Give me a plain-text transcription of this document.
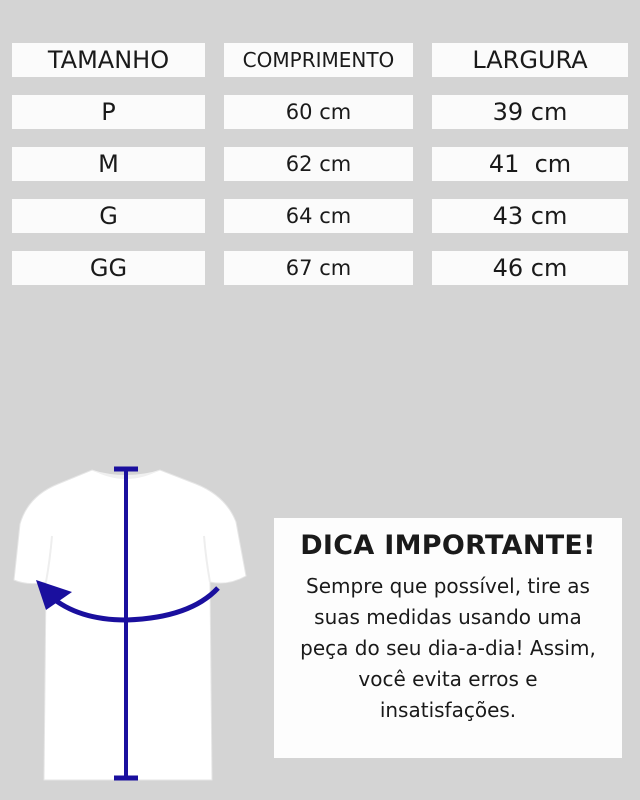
TAMANHO	COMPRIMENTO	LARGURA
P	60 cm	39 cm
M	62 cm	41  cm
G	64 cm	43 cm
GG	67 cm	46 cm
DICA IMPORTANTE!
Sempre que possível, tire as
suas medidas usando uma
peça do seu dia-a-dia! Assim,
você evita erros e
insatisfações.
